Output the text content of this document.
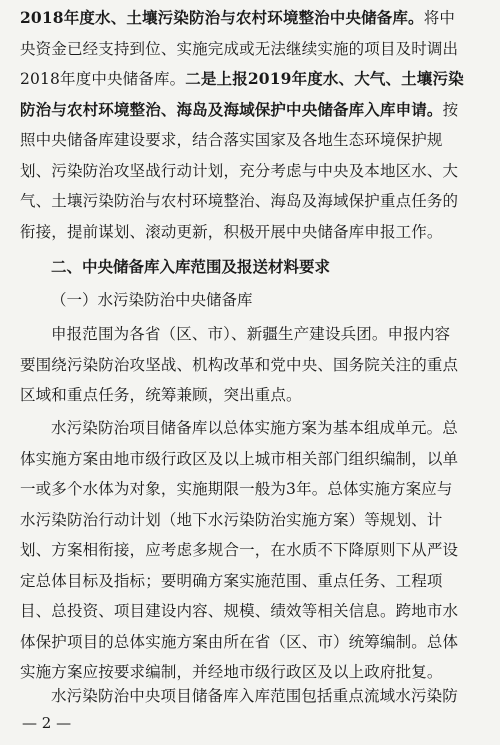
2018年度水、土壤污染防治与农村环境整治中央储备库。将中
央资金已经支持到位、实施完成或无法继续实施的项目及时调出
2018年度中央储备库。二是上报2019年度水、大气、土壤污染
防治与农村环境整治、海岛及海域保护中央储备库入库申请。按
照中央储备库建设要求，结合落实国家及各地生态环境保护规
划、污染防治攻坚战行动计划，充分考虑与中央及本地区水、大
气、土壤污染防治与农村环境整治、海岛及海域保护重点任务的
衔接，提前谋划、滚动更新，积极开展中央储备库申报工作。
二、中央储备库入库范围及报送材料要求
（一）水污染防治中央储备库
申报范围为各省（区、市）、新疆生产建设兵团。申报内容
要围绕污染防治攻坚战、机构改革和党中央、国务院关注的重点
区域和重点任务，统筹兼顾，突出重点。
水污染防治项目储备库以总体实施方案为基本组成单元。总
体实施方案由地市级行政区及以上城市相关部门组织编制，以单
一或多个水体为对象，实施期限一般为3年。总体实施方案应与
水污染防治行动计划（地下水污染防治实施方案）等规划、计
划、方案相衔接，应考虑多规合一，在水质不下降原则下从严设
定总体目标及指标；要明确方案实施范围、重点任务、工程项
目、总投资、项目建设内容、规模、绩效等相关信息。跨地市水
体保护项目的总体实施方案由所在省（区、市）统筹编制。总体
实施方案应按要求编制，并经地市级行政区及以上政府批复。
水污染防治中央项目储备库入库范围包括重点流域水污染防
— 2 —
